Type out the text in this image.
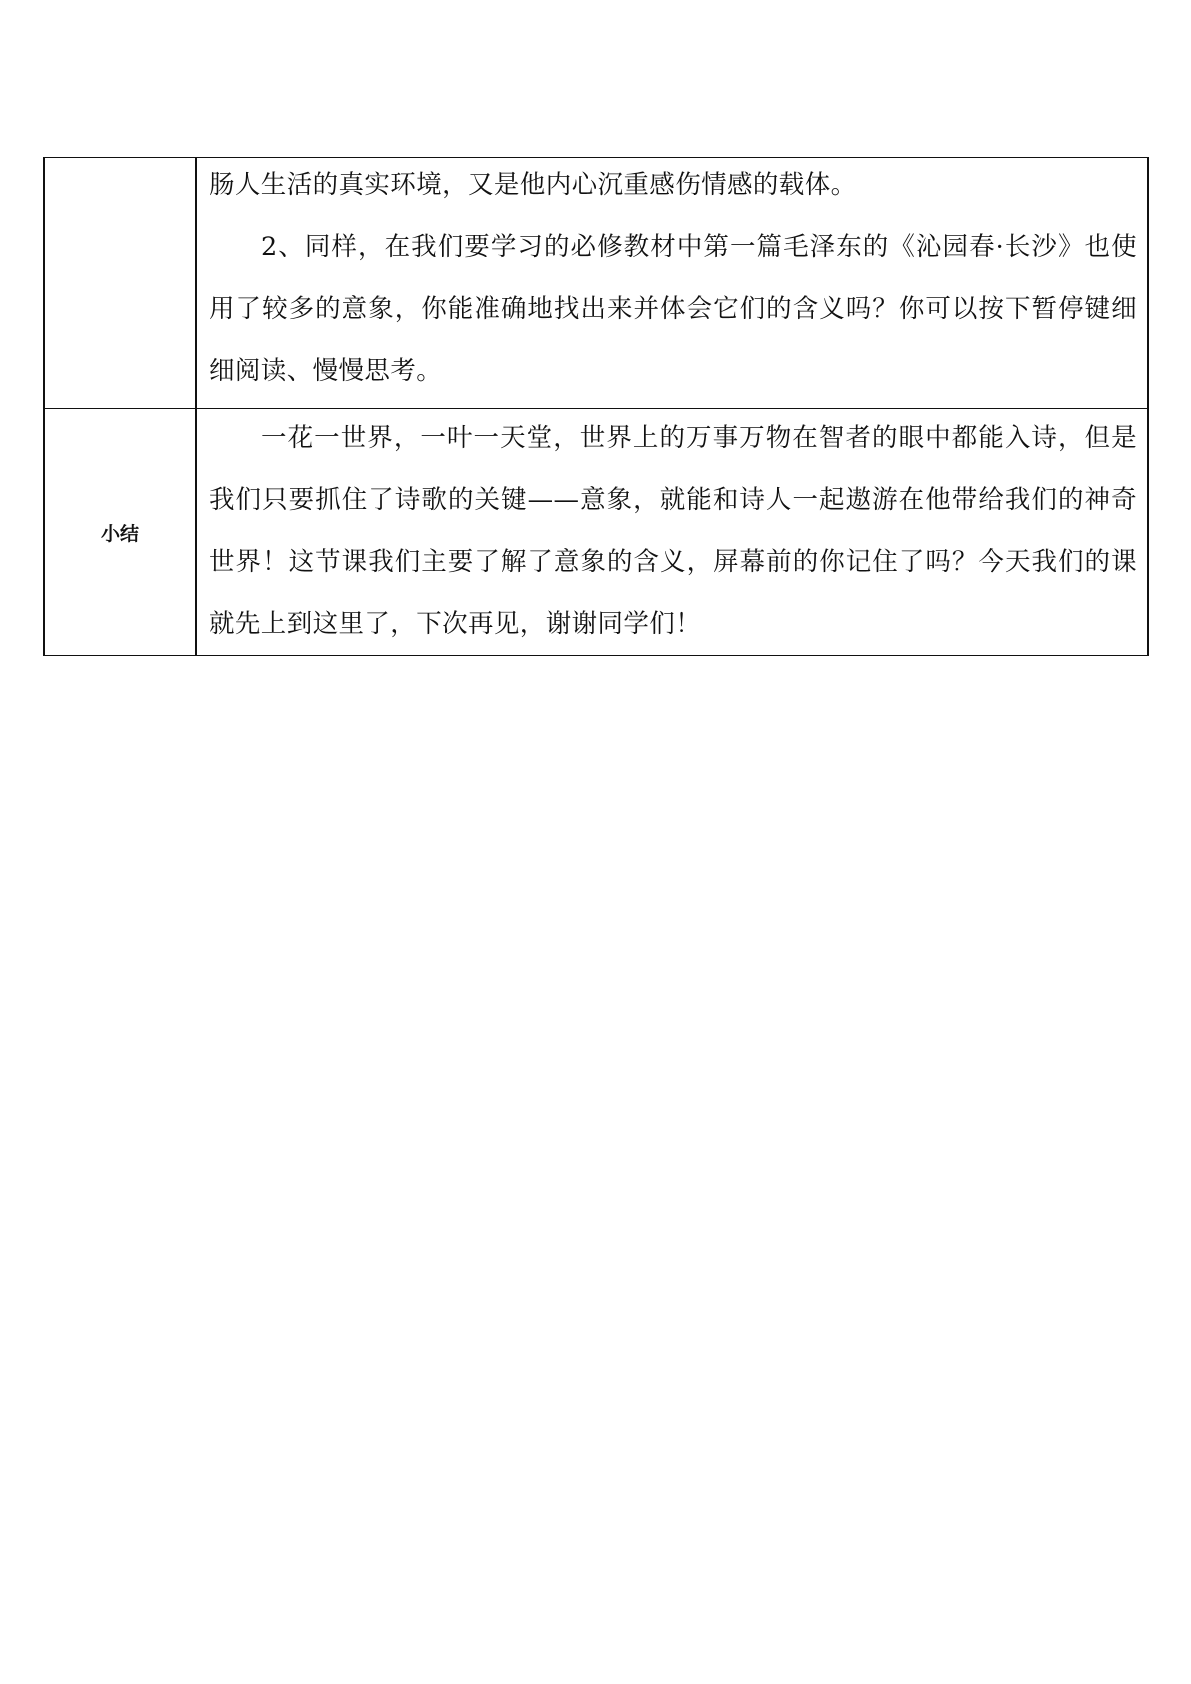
	肠人生活的真实环境，又是他内心沉重感伤情感的载体。

2、同样，在我们要学习的必修教材中第一篇毛泽东的《沁园春·长沙》也使用了较多的意象，你能准确地找出来并体会它们的含义吗？你可以按下暂停键细细阅读、慢慢思考。

小结	一花一世界，一叶一天堂，世界上的万事万物在智者的眼中都能入诗，但是我们只要抓住了诗歌的关键——意象，就能和诗人一起遨游在他带给我们的神奇世界！这节课我们主要了解了意象的含义，屏幕前的你记住了吗？今天我们的课就先上到这里了，下次再见，谢谢同学们！
